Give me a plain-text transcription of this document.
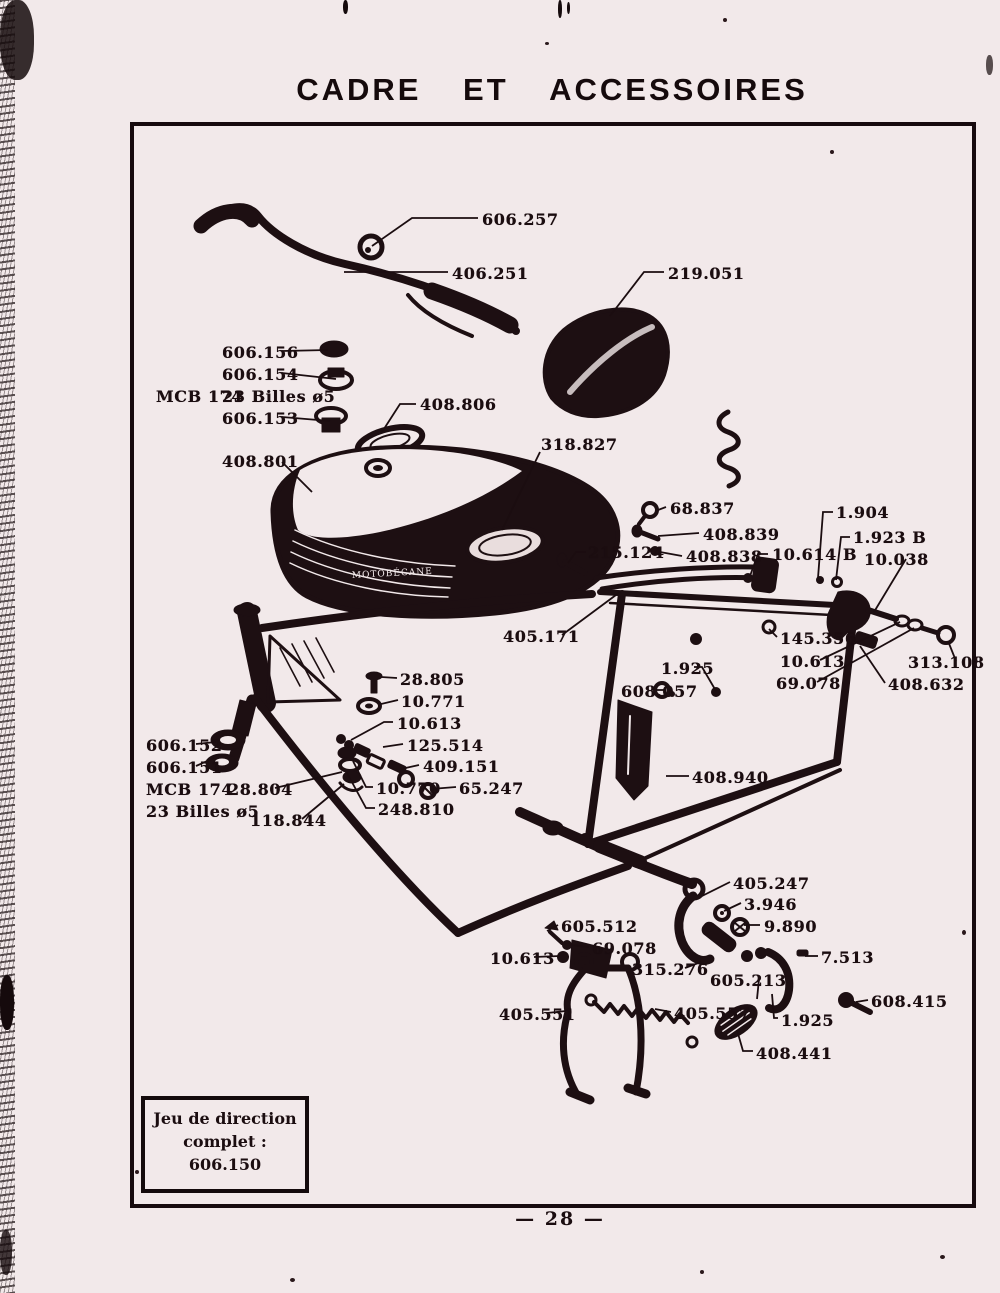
CADRE ET ACCESSOIRES
MOTOBÉCANE
606.257
406.251	219.051
606.156
606.154
MCB 174
23 Billes ø5
606.153
408.806
408.801
318.827
68.837
408.839
215.124 408.838 10.614 B
1.904
1.923 B
10.038
405.171	145.356
10.613
69.078
313.108
408.632
1.925
608.057
28.805
10.771
10.613
125.514
409.151
65.247
10.770
248.810
606.152
606.151
MCB 174
28.804
23 Billes ø5
118.844
408.940
405.247
3.946
9.890
605.512
69.078
10.613
315.276
605.213
7.513
405.551	405.557 1.925
608.415
408.441
Jeu de direction
complet :
606.150
— 28 —
